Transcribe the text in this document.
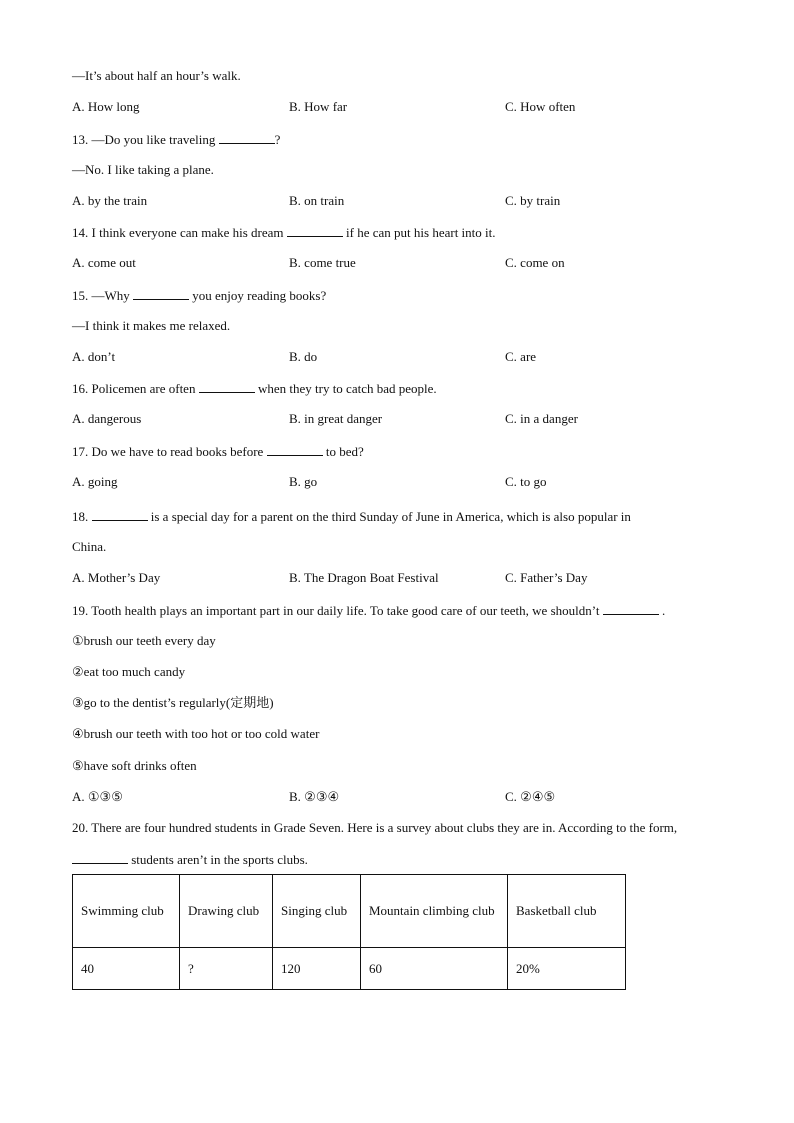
—It’s about half an hour’s walk.
A. How long	B. How far	C. How often
13. —Do you like traveling	?
—No. I like taking a plane.
A. by the train	B. on train	C. by train
14. I think everyone can make his dream	if he can put his heart into it.
A. come out	B. come true	C. come on
15. —Why	you enjoy reading books?
—I think it makes me relaxed.
A. don’t	B. do	C. are
16. Policemen are often	when they try to catch bad people.
A. dangerous	B. in great danger	C. in a danger
17. Do we have to read books before	to bed?
A. going	B. go	C. to go
18.	is a special day for a parent on the third Sunday of June in America, which is also popular in
China.
A. Mother’s Day	B. The Dragon Boat Festival	C. Father’s Day
19. Tooth health plays an important part in our daily life. To take good care of our teeth, we shouldn’t	.
①brush our teeth every day
②eat too much candy
③go to the dentist’s regularly(定期地)
④brush our teeth with too hot or too cold water
⑤have soft drinks often
A. ①③⑤	B. ②③④	C. ②④⑤
20. There are four hundred students in Grade Seven. Here is a survey about clubs they are in. According to the form,
students aren’t in the sports clubs.
Swimming club	Drawing club	Singing club	Mountain climbing club	Basketball club
40	?	120	60	20%
